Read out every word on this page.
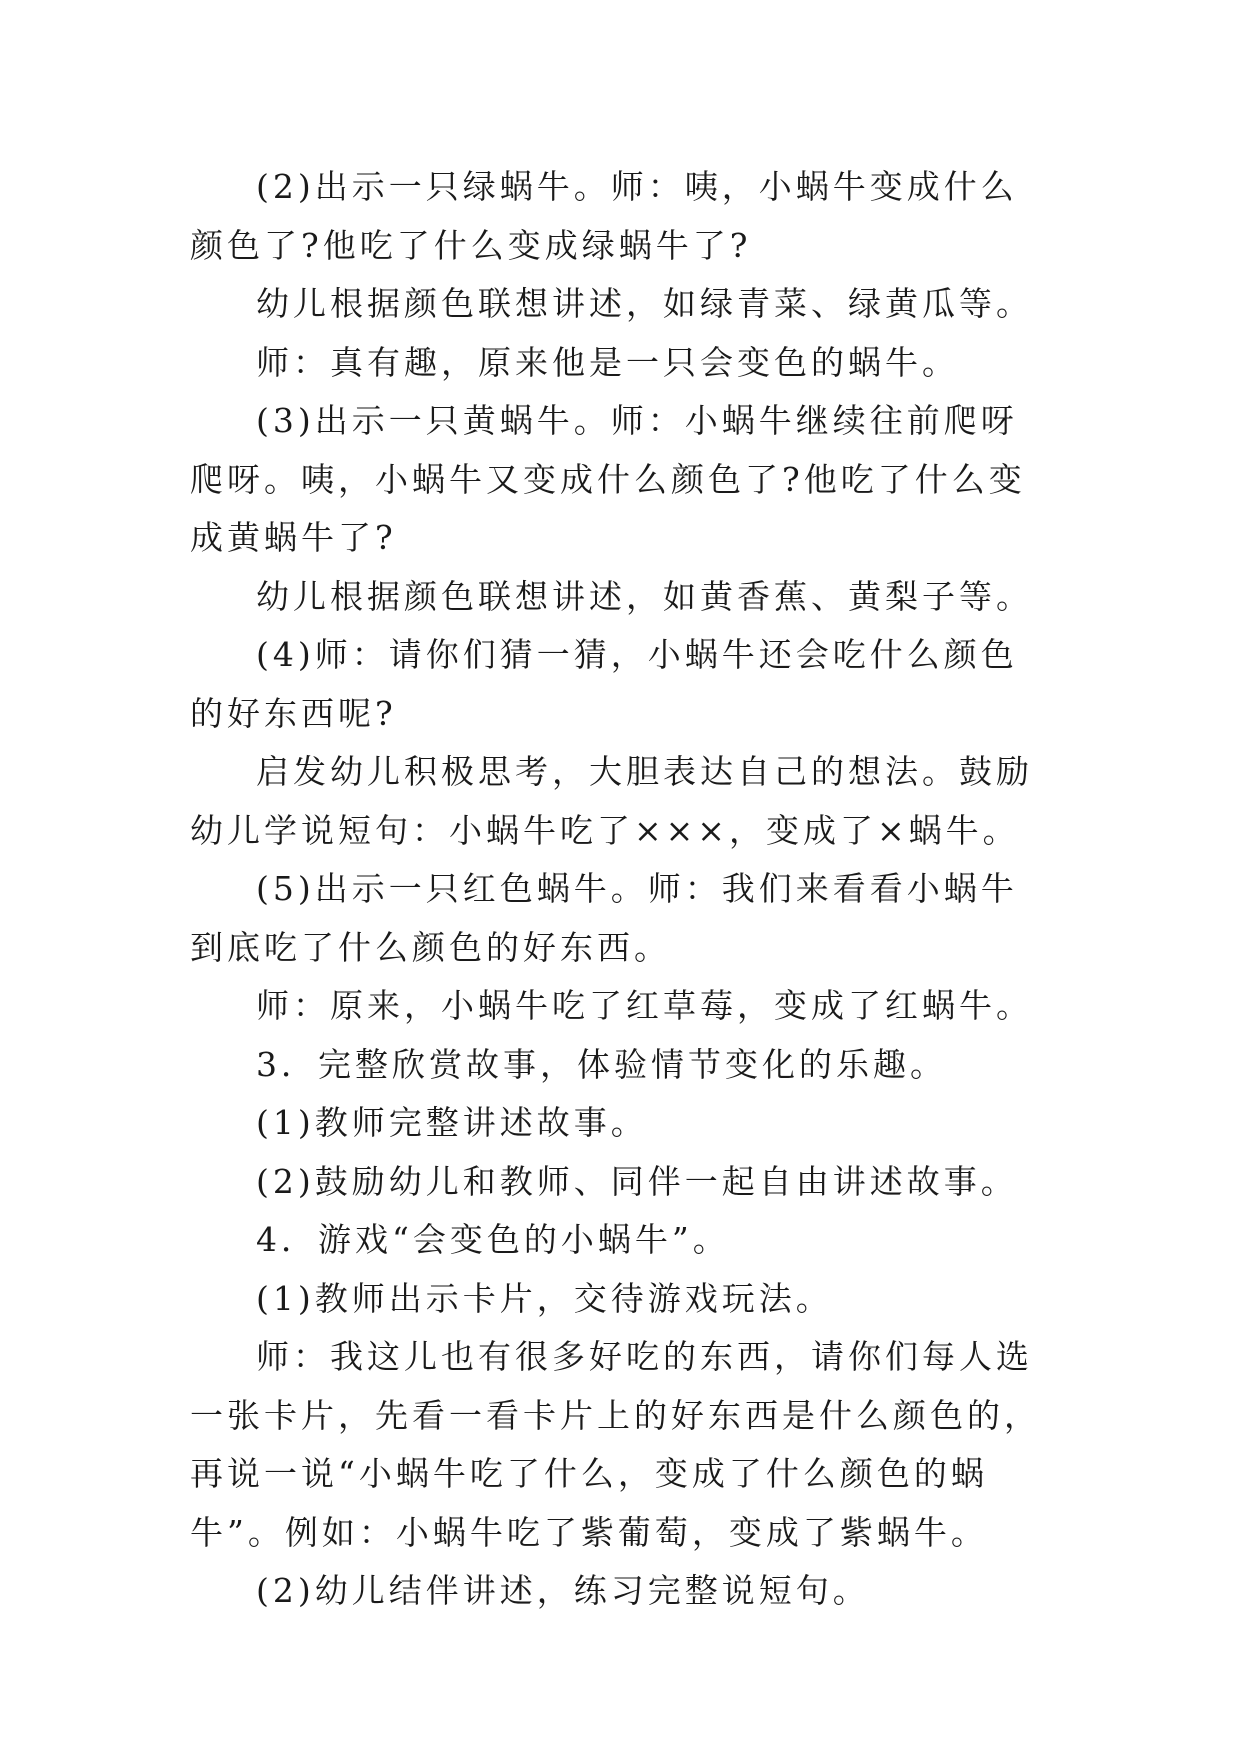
(2)出示一只绿蜗牛。师：咦，小蜗牛变成什么颜色了?他吃了什么变成绿蜗牛了?

幼儿根据颜色联想讲述，如绿青菜、绿黄瓜等。

师：真有趣，原来他是一只会变色的蜗牛。

(3)出示一只黄蜗牛。师：小蜗牛继续往前爬呀爬呀。咦，小蜗牛又变成什么颜色了?他吃了什么变成黄蜗牛了?

幼儿根据颜色联想讲述，如黄香蕉、黄梨子等。

(4)师：请你们猜一猜，小蜗牛还会吃什么颜色的好东西呢?

启发幼儿积极思考，大胆表达自己的想法。鼓励幼儿学说短句：小蜗牛吃了×××，变成了×蜗牛。

(5)出示一只红色蜗牛。师：我们来看看小蜗牛到底吃了什么颜色的好东西。

师：原来，小蜗牛吃了红草莓，变成了红蜗牛。

3．完整欣赏故事，体验情节变化的乐趣。

(1)教师完整讲述故事。

(2)鼓励幼儿和教师、同伴一起自由讲述故事。

4．游戏“会变色的小蜗牛”。

(1)教师出示卡片，交待游戏玩法。

师：我这儿也有很多好吃的东西，请你们每人选一张卡片，先看一看卡片上的好东西是什么颜色的，再说一说“小蜗牛吃了什么，变成了什么颜色的蜗牛”。例如：小蜗牛吃了紫葡萄，变成了紫蜗牛。

(2)幼儿结伴讲述，练习完整说短句。
